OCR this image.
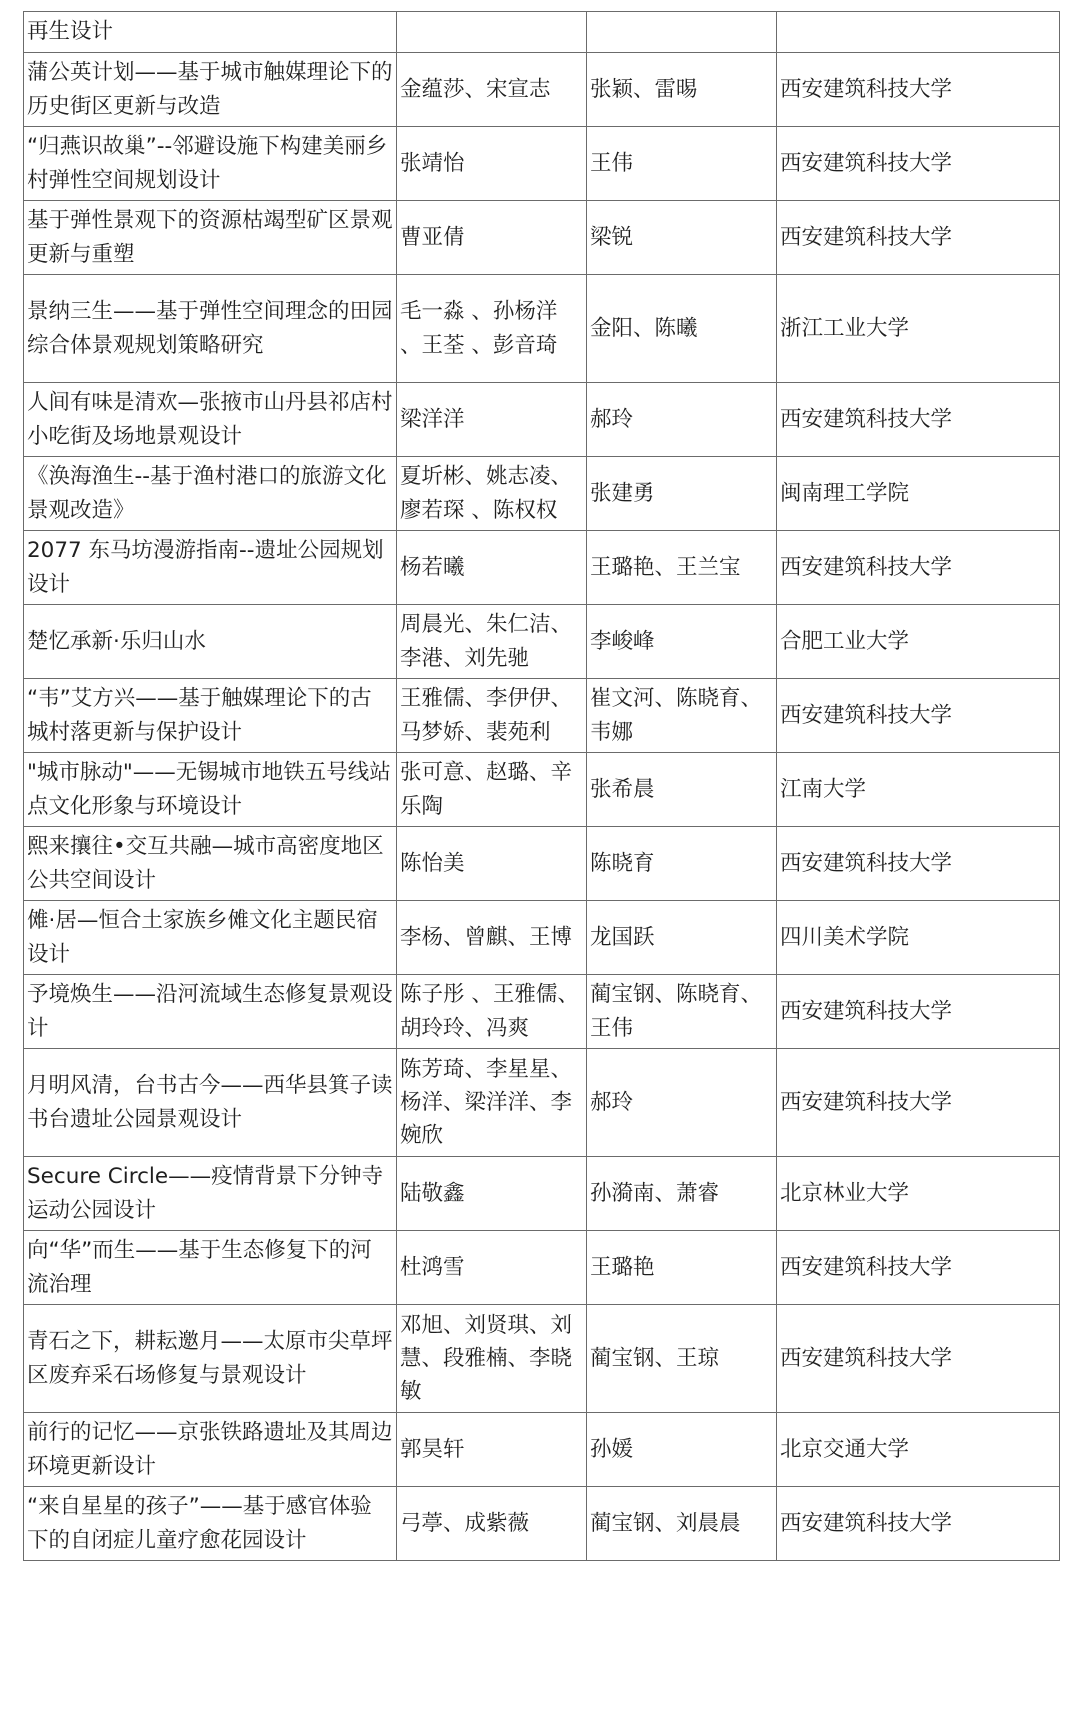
再生设计			
蒲公英计划——基于城市触媒理论下的历史街区更新与改造	金蕴莎、宋宣志	张颖、雷晹	西安建筑科技大学
“归燕识故巢”--邻避设施下构建美丽乡村弹性空间规划设计	张靖怡	王伟	西安建筑科技大学
基于弹性景观下的资源枯竭型矿区景观更新与重塑	曹亚倩	梁锐	西安建筑科技大学
景纳三生——基于弹性空间理念的田园综合体景观规划策略研究	毛一淼 、孙杨洋 、王荃 、彭音琦	金阳、陈曦	浙江工业大学
人间有味是清欢—张掖市山丹县祁店村小吃街及场地景观设计	梁洋洋	郝玲	西安建筑科技大学
《涣海渔生--基于渔村港口的旅游文化景观改造》	夏圻彬、姚志凌、廖若琛 、陈权权	张建勇	闽南理工学院
2077 东马坊漫游指南--遗址公园规划设计	杨若曦	王璐艳、王兰宝	西安建筑科技大学
楚忆承新·乐归山水	周晨光、朱仁洁、李港、刘先驰	李峻峰	合肥工业大学
“韦”艾方兴——基于触媒理论下的古城村落更新与保护设计	王雅儒、李伊伊、马梦娇、裴苑利	崔文河、陈晓育、韦娜	西安建筑科技大学
"城市脉动"——无锡城市地铁五号线站点文化形象与环境设计	张可意、赵璐、辛乐陶	张希晨	江南大学
熙来攘往•交互共融—城市高密度地区公共空间设计	陈怡美	陈晓育	西安建筑科技大学
傩·居—恒合土家族乡傩文化主题民宿设计	李杨、曾麒、王博	龙国跃	四川美术学院
予境焕生——沿河流域生态修复景观设计	陈子彤 、王雅儒、胡玲玲、冯爽	蔺宝钢、陈晓育、王伟	西安建筑科技大学
月明风清，台书古今——西华县箕子读书台遗址公园景观设计	陈芳琦、李星星、杨洋、梁洋洋、李婉欣	郝玲	西安建筑科技大学
Secure Circle——疫情背景下分钟寺运动公园设计	陆敬鑫	孙漪南、萧睿	北京林业大学
向“华”而生——基于生态修复下的河流治理	杜鸿雪	王璐艳	西安建筑科技大学
青石之下，耕耘邀月——太原市尖草坪区废弃采石场修复与景观设计	邓旭、刘贤琪、刘慧、段雅楠、李晓敏	蔺宝钢、王琼	西安建筑科技大学
前行的记忆——京张铁路遗址及其周边环境更新设计	郭昊轩	孙媛	北京交通大学
“来自星星的孩子”——基于感官体验下的自闭症儿童疗愈花园设计	弓葶、成紫薇	蔺宝钢、刘晨晨	西安建筑科技大学
